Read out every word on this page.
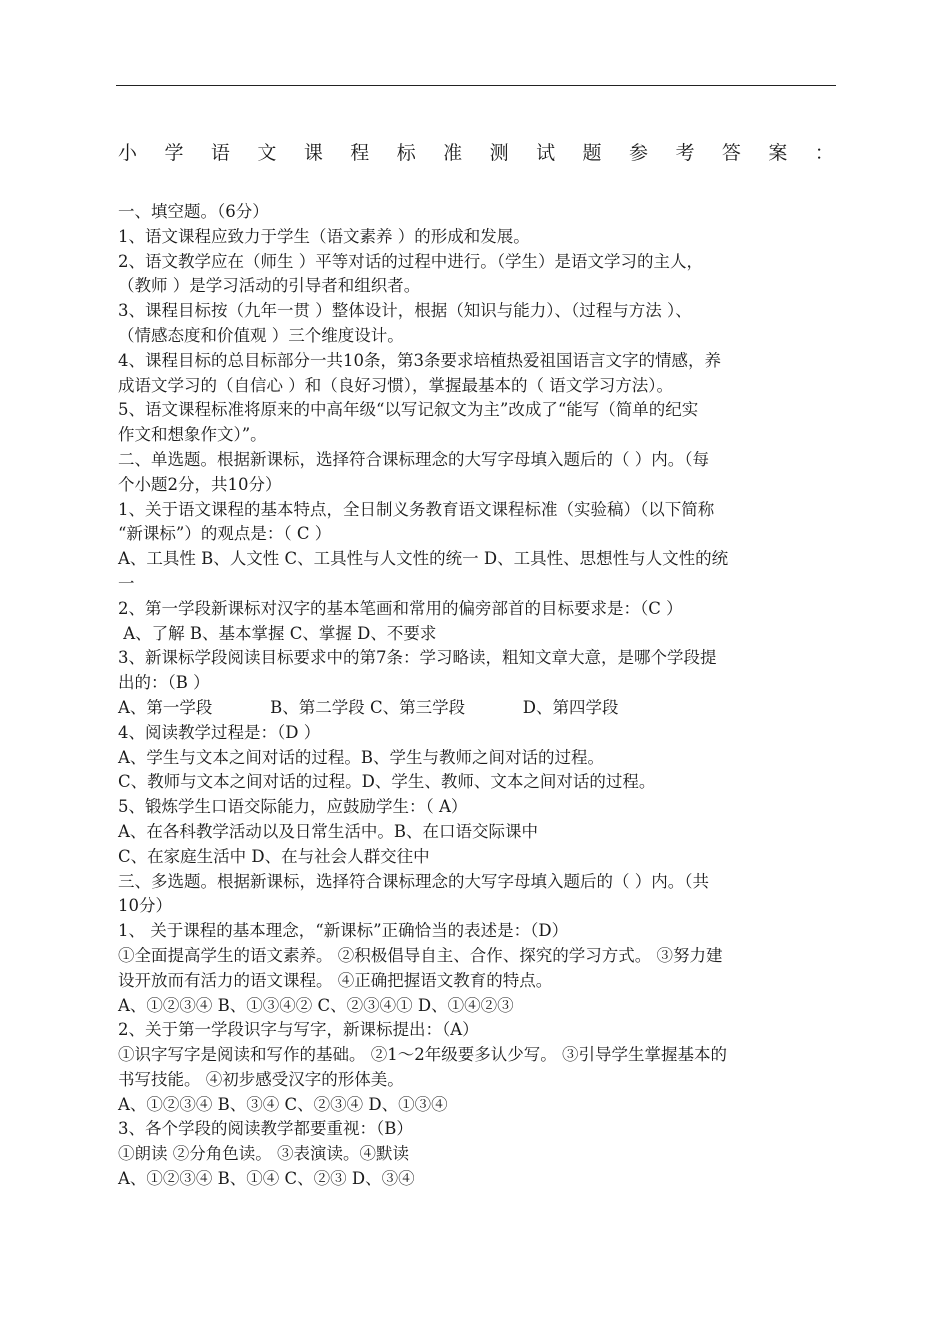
小 学 语 文 课 程 标 准 测 试 题 参 考 答 案 ：
一、填空题。（6分）
1、语文课程应致力于学生（语文素养 ）的形成和发展。
2、语文教学应在（师生 ）平等对话的过程中进行。（学生）是语文学习的主人，
（教师 ）是学习活动的引导者和组织者。
3、课程目标按（九年一贯 ）整体设计，根据（知识与能力）、（过程与方法 ）、
（情感态度和价值观 ）三个维度设计。
4、课程目标的总目标部分一共10条，第3条要求培植热爱祖国语言文字的情感，养
成语文学习的（自信心 ）和（良好习惯），掌握最基本的（ 语文学习方法）。
5、语文课程标准将原来的中高年级“以写记叙文为主”改成了“能写（简单的纪实
作文和想象作文）”。
二、单选题。根据新课标，选择符合课标理念的大写字母填入题后的（ ）内。（每
个小题2分，共10分）
1、关于语文课程的基本特点，全日制义务教育语文课程标准（实验稿）（以下简称
“新课标”）的观点是：（ C ）
A、工具性 B、人文性 C、工具性与人文性的统一 D、工具性、思想性与人文性的统
一
2、第一学段新课标对汉字的基本笔画和常用的偏旁部首的目标要求是：（C ）
A、了解 B、基本掌握 C、掌握 D、不要求
3、新课标学段阅读目标要求中的第7条：学习略读，粗知文章大意，是哪个学段提
出的：（B ）
A、第一学段           B、第二学段 C、第三学段           D、第四学段
4、阅读教学过程是：（D ）
A、学生与文本之间对话的过程。B、学生与教师之间对话的过程。
C、教师与文本之间对话的过程。D、学生、教师、文本之间对话的过程。
5、锻炼学生口语交际能力，应鼓励学生：（ A）
A、在各科教学活动以及日常生活中。B、在口语交际课中
C、在家庭生活中 D、在与社会人群交往中
三、多选题。根据新课标，选择符合课标理念的大写字母填入题后的（ ）内。（共
10分）
1、 关于课程的基本理念，“新课标”正确恰当的表述是：（D）
①全面提高学生的语文素养。 ②积极倡导自主、合作、探究的学习方式。 ③努力建
设开放而有活力的语文课程。 ④正确把握语文教育的特点。
A、①②③④ B、①③④② C、②③④① D、①④②③
2、关于第一学段识字与写字，新课标提出：（A）
①识字写字是阅读和写作的基础。 ②1～2年级要多认少写。 ③引导学生掌握基本的
书写技能。 ④初步感受汉字的形体美。
A、①②③④ B、③④ C、②③④ D、①③④
3、各个学段的阅读教学都要重视：（B）
①朗读 ②分角色读。 ③表演读。④默读
A、①②③④ B、①④ C、②③ D、③④
